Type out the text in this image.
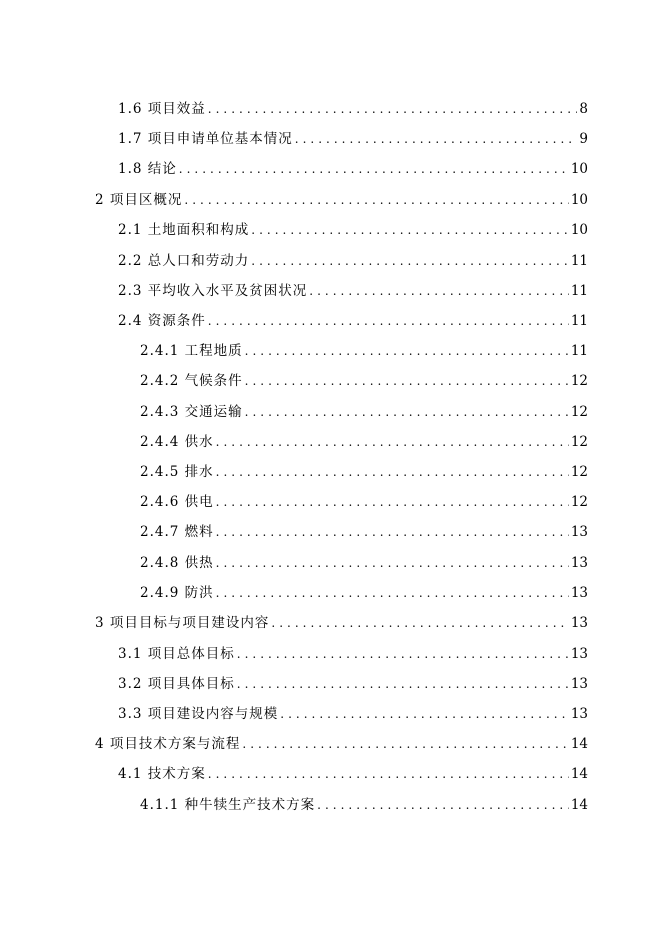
1.6 项目效益 .....	8
1.7 项目申请单位基本情况 .....	9
1.8 结论 .....	10
2 项目区概况 .....	10
2.1 土地面积和构成 .....	10
2.2 总人口和劳动力 .....	11
2.3 平均收入水平及贫困状况 .....	11
2.4 资源条件 .....	11
2.4.1 工程地质 .....	11
2.4.2 气候条件 .....	12
2.4.3 交通运输 .....	12
2.4.4 供水 .....	12
2.4.5 排水 .....	12
2.4.6 供电 .....	12
2.4.7 燃料 .....	13
2.4.8 供热 .....	13
2.4.9 防洪 .....	13
3 项目目标与项目建设内容 .....	13
3.1 项目总体目标 .....	13
3.2 项目具体目标 .....	13
3.3 项目建设内容与规模 .....	13
4 项目技术方案与流程 .....	14
4.1 技术方案 .....	14
4.1.1 种牛犊生产技术方案 .....	14
